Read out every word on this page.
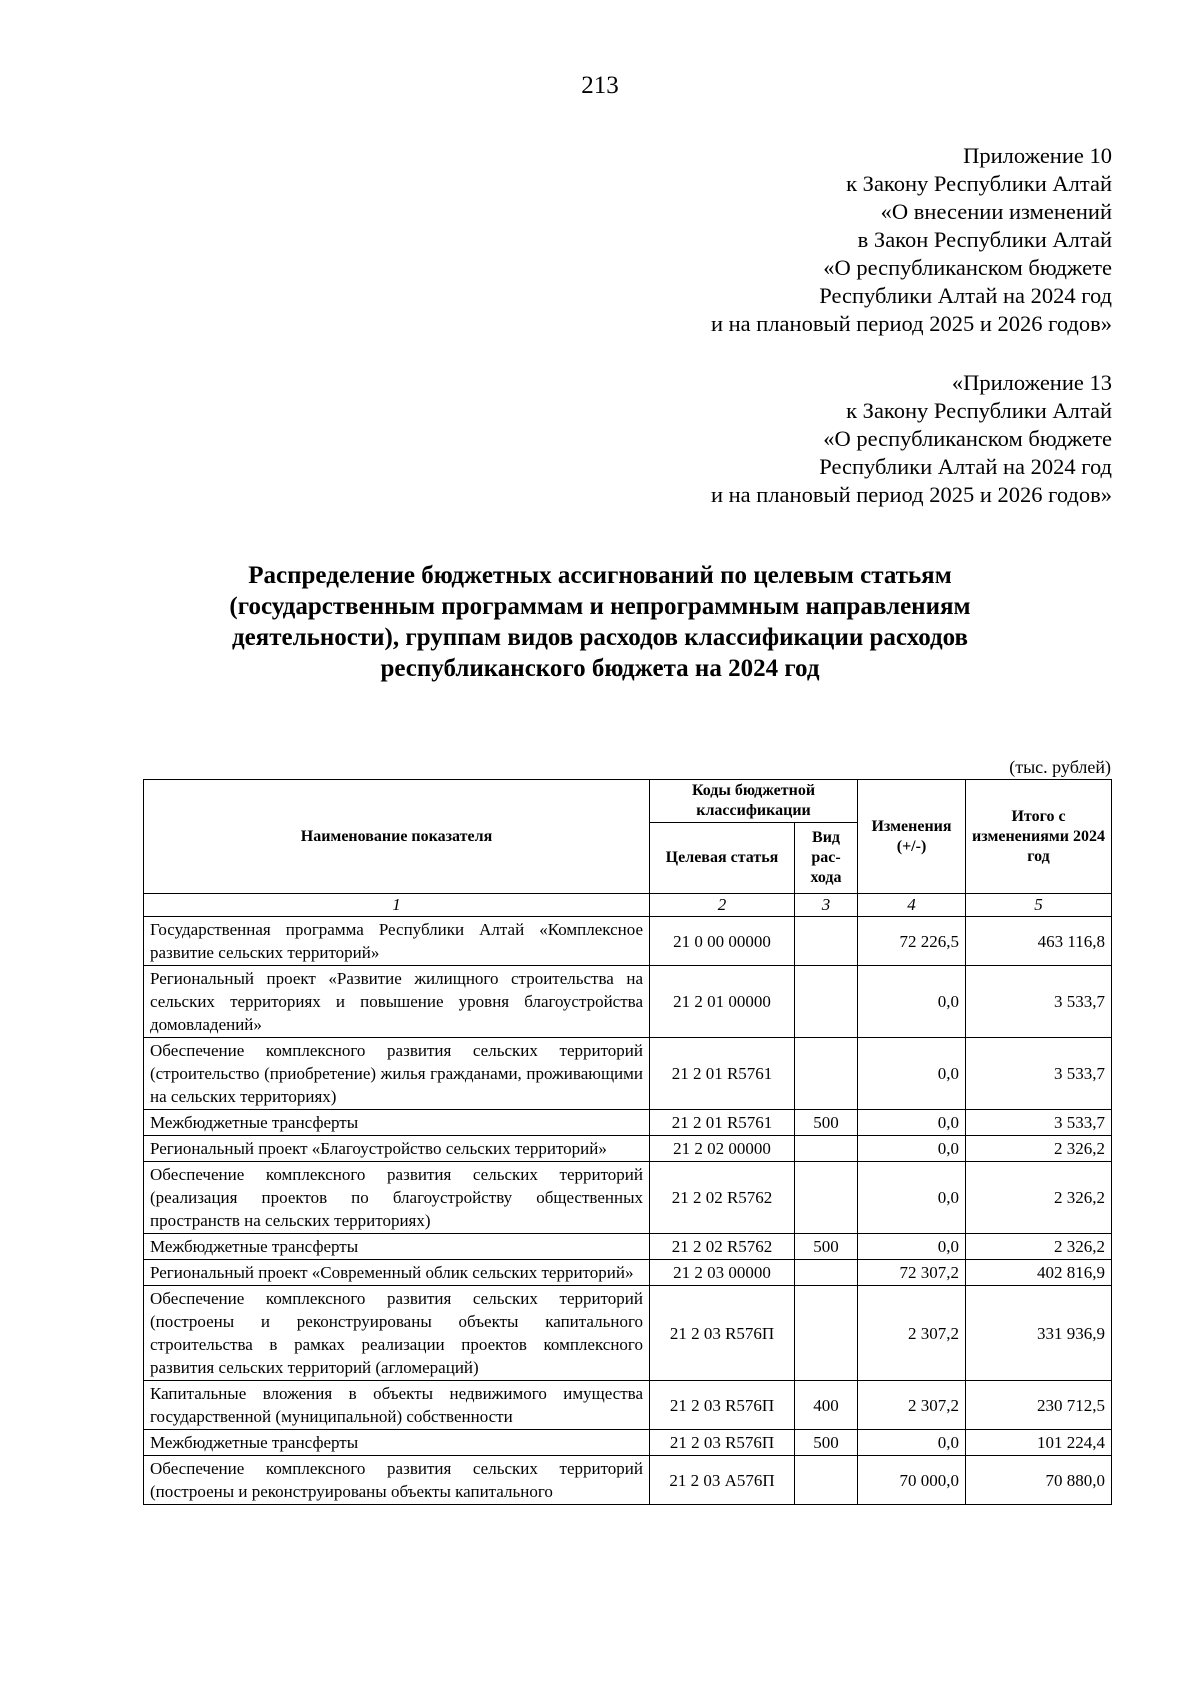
213
Приложение 10
к Закону Республики Алтай
«О внесении изменений
в Закон Республики Алтай
«О республиканском бюджете
Республики Алтай на 2024 год
и на плановый период 2025 и 2026 годов»
«Приложение 13
к Закону Республики Алтай
«О республиканском бюджете
Республики Алтай на 2024 год
и на плановый период 2025 и 2026 годов»
Распределение бюджетных ассигнований по целевым статьям
(государственным программам и непрограммным направлениям
деятельности), группам видов расходов классификации расходов
республиканского бюджета на 2024 год
(тыс. рублей)
Наименование показателя	Коды бюджетной классификации		Изменения (+/-)	Итого с изменениями 2024 год
	Целевая статья	Вид рас-хода		
1	2	3	4	5
Государственная программа Республики Алтай «Комплексное развитие сельских территорий»	21 0 00 00000		72 226,5	463 116,8
Региональный проект «Развитие жилищного строительства на сельских территориях и повышение уровня благоустройства домовладений»	21 2 01 00000		0,0	3 533,7
Обеспечение комплексного развития сельских территорий (строительство (приобретение) жилья гражданами, проживающими на сельских территориях)	21 2 01 R5761		0,0	3 533,7
Межбюджетные трансферты	21 2 01 R5761	500	0,0	3 533,7
Региональный проект «Благоустройство сельских территорий»	21 2 02 00000		0,0	2 326,2
Обеспечение комплексного развития сельских территорий (реализация проектов по благоустройству общественных пространств на сельских территориях)	21 2 02 R5762		0,0	2 326,2
Межбюджетные трансферты	21 2 02 R5762	500	0,0	2 326,2
Региональный проект «Современный облик сельских территорий»	21 2 03 00000		72 307,2	402 816,9
Обеспечение комплексного развития сельских территорий (построены и реконструированы объекты капитального строительства в рамках реализации проектов комплексного развития сельских территорий (агломераций)	21 2 03 R576П		2 307,2	331 936,9
Капитальные вложения в объекты недвижимого имущества государственной (муниципальной) собственности	21 2 03 R576П	400	2 307,2	230 712,5
Межбюджетные трансферты	21 2 03 R576П	500	0,0	101 224,4
Обеспечение комплексного развития сельских территорий (построены и реконструированы объекты капитального	21 2 03 А576П		70 000,0	70 880,0
